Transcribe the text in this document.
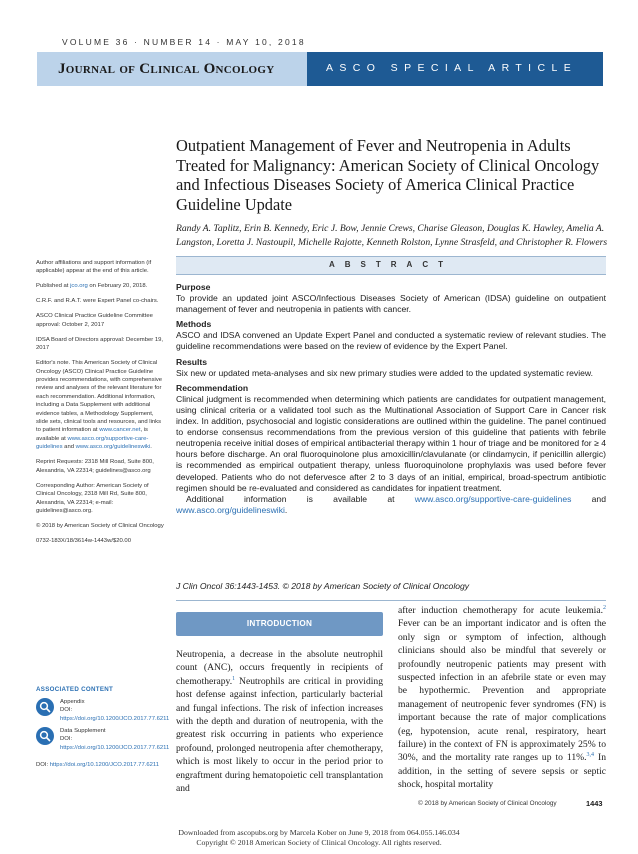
VOLUME 36 · NUMBER 14 · MAY 10, 2018
Journal of Clinical Oncology	ASCO SPECIAL ARTICLE
Outpatient Management of Fever and Neutropenia in Adults Treated for Malignancy: American Society of Clinical Oncology and Infectious Diseases Society of America Clinical Practice Guideline Update
Randy A. Taplitz, Erin B. Kennedy, Eric J. Bow, Jennie Crews, Charise Gleason, Douglas K. Hawley, Amelia A. Langston, Loretta J. Nastoupil, Michelle Rajotte, Kenneth Rolston, Lynne Strasfeld, and Christopher R. Flowers

Author affiliations and support information (if applicable) appear at the end of this article.

Published at jco.org on February 20, 2018.

C.R.F. and R.A.T. were Expert Panel co-chairs.

ASCO Clinical Practice Guideline Committee approval: October 2, 2017

IDSA Board of Directors approval: December 19, 2017

Editor's note. This American Society of Clinical Oncology (ASCO) Clinical Practice Guideline provides recommendations, with comprehensive review and analyses of the relevant literature for each recommendation. Additional information, including a Data Supplement with additional evidence tables, a Methodology Supplement, slide sets, clinical tools and resources, and links to patient information at www.cancer.net, is available at www.asco.org/supportive-care-guidelines and www.asco.org/guidelineswiki.

Reprint Requests: 2318 Mill Road, Suite 800, Alexandria, VA 22314; guidelines@asco.org

Corresponding Author: American Society of Clinical Oncology, 2318 Mill Rd, Suite 800, Alexandria, VA 22314; e-mail: guidelines@asco.org.

© 2018 by American Society of Clinical Oncology

0732-183X/18/3614w-1443w/$20.00

ASSOCIATED CONTENT
Appendix
DOI: https://doi.org/10.1200/JCO.2017.77.6211
Data Supplement
DOI: https://doi.org/10.1200/JCO.2017.77.6211
DOI: https://doi.org/10.1200/JCO.2017.77.6211
ABSTRACT
Purpose

To provide an updated joint ASCO/Infectious Diseases Society of American (IDSA) guideline on outpatient management of fever and neutropenia in patients with cancer.

Methods

ASCO and IDSA convened an Update Expert Panel and conducted a systematic review of relevant studies. The guideline recommendations were based on the review of evidence by the Expert Panel.

Results

Six new or updated meta-analyses and six new primary studies were added to the updated systematic review.

Recommendation

Clinical judgment is recommended when determining which patients are candidates for outpatient management, using clinical criteria or a validated tool such as the Multinational Association of Support Care in Cancer risk index. In addition, psychosocial and logistic considerations are outlined within the guideline. The panel continued to endorse consensus recommendations from the previous version of this guideline that patients with febrile neutropenia receive initial doses of empirical antibacterial therapy within 1 hour of triage and be monitored for ≥ 4 hours before discharge. An oral fluoroquinolone plus amoxicillin/clavulanate (or clindamycin, if penicillin allergic) is recommended as empirical outpatient therapy, unless fluoroquinolone prophylaxis was used before fever developed. Patients who do not defervesce after 2 to 3 days of an initial, empirical, broad-spectrum antibiotic regimen should be re-evaluated and considered as candidates for inpatient treatment.

Additional information is available at www.asco.org/supportive-care-guidelines and www.asco.org/guidelineswiki.

J Clin Oncol 36:1443-1453. © 2018 by American Society of Clinical Oncology
INTRODUCTION
Neutropenia, a decrease in the absolute neutrophil count (ANC), occurs frequently in recipients of chemotherapy.$^1$ Neutrophils are critical in providing host defense against infection, particularly bacterial and fungal infections. The risk of infection increases with the depth and duration of neutropenia, with the greatest risk occurring in patients who experience profound, prolonged neutropenia after chemotherapy, which is most likely to occur in the period prior to engraftment during hematopoietic cell transplantation and
after induction chemotherapy for acute leukemia.$^2$ Fever can be an important indicator and is often the only sign or symptom of infection, although clinicians should also be mindful that severely or profoundly neutropenic patients may present with suspected infection in an afebrile state or even may be hypothermic. Prevention and appropriate management of neutropenic fever syndromes (FN) is important because the rate of major complications (eg, hypotension, acute renal, respiratory, heart failure) in the context of FN is approximately 25% to 30%, and the mortality rate ranges up to 11%.$^{3,4}$ In addition, in the setting of severe sepsis or septic shock, hospital mortality
© 2018 by American Society of Clinical Oncology	1443
Downloaded from ascopubs.org by Marcela Kober on June 9, 2018 from 064.055.146.034
Copyright © 2018 American Society of Clinical Oncology. All rights reserved.
